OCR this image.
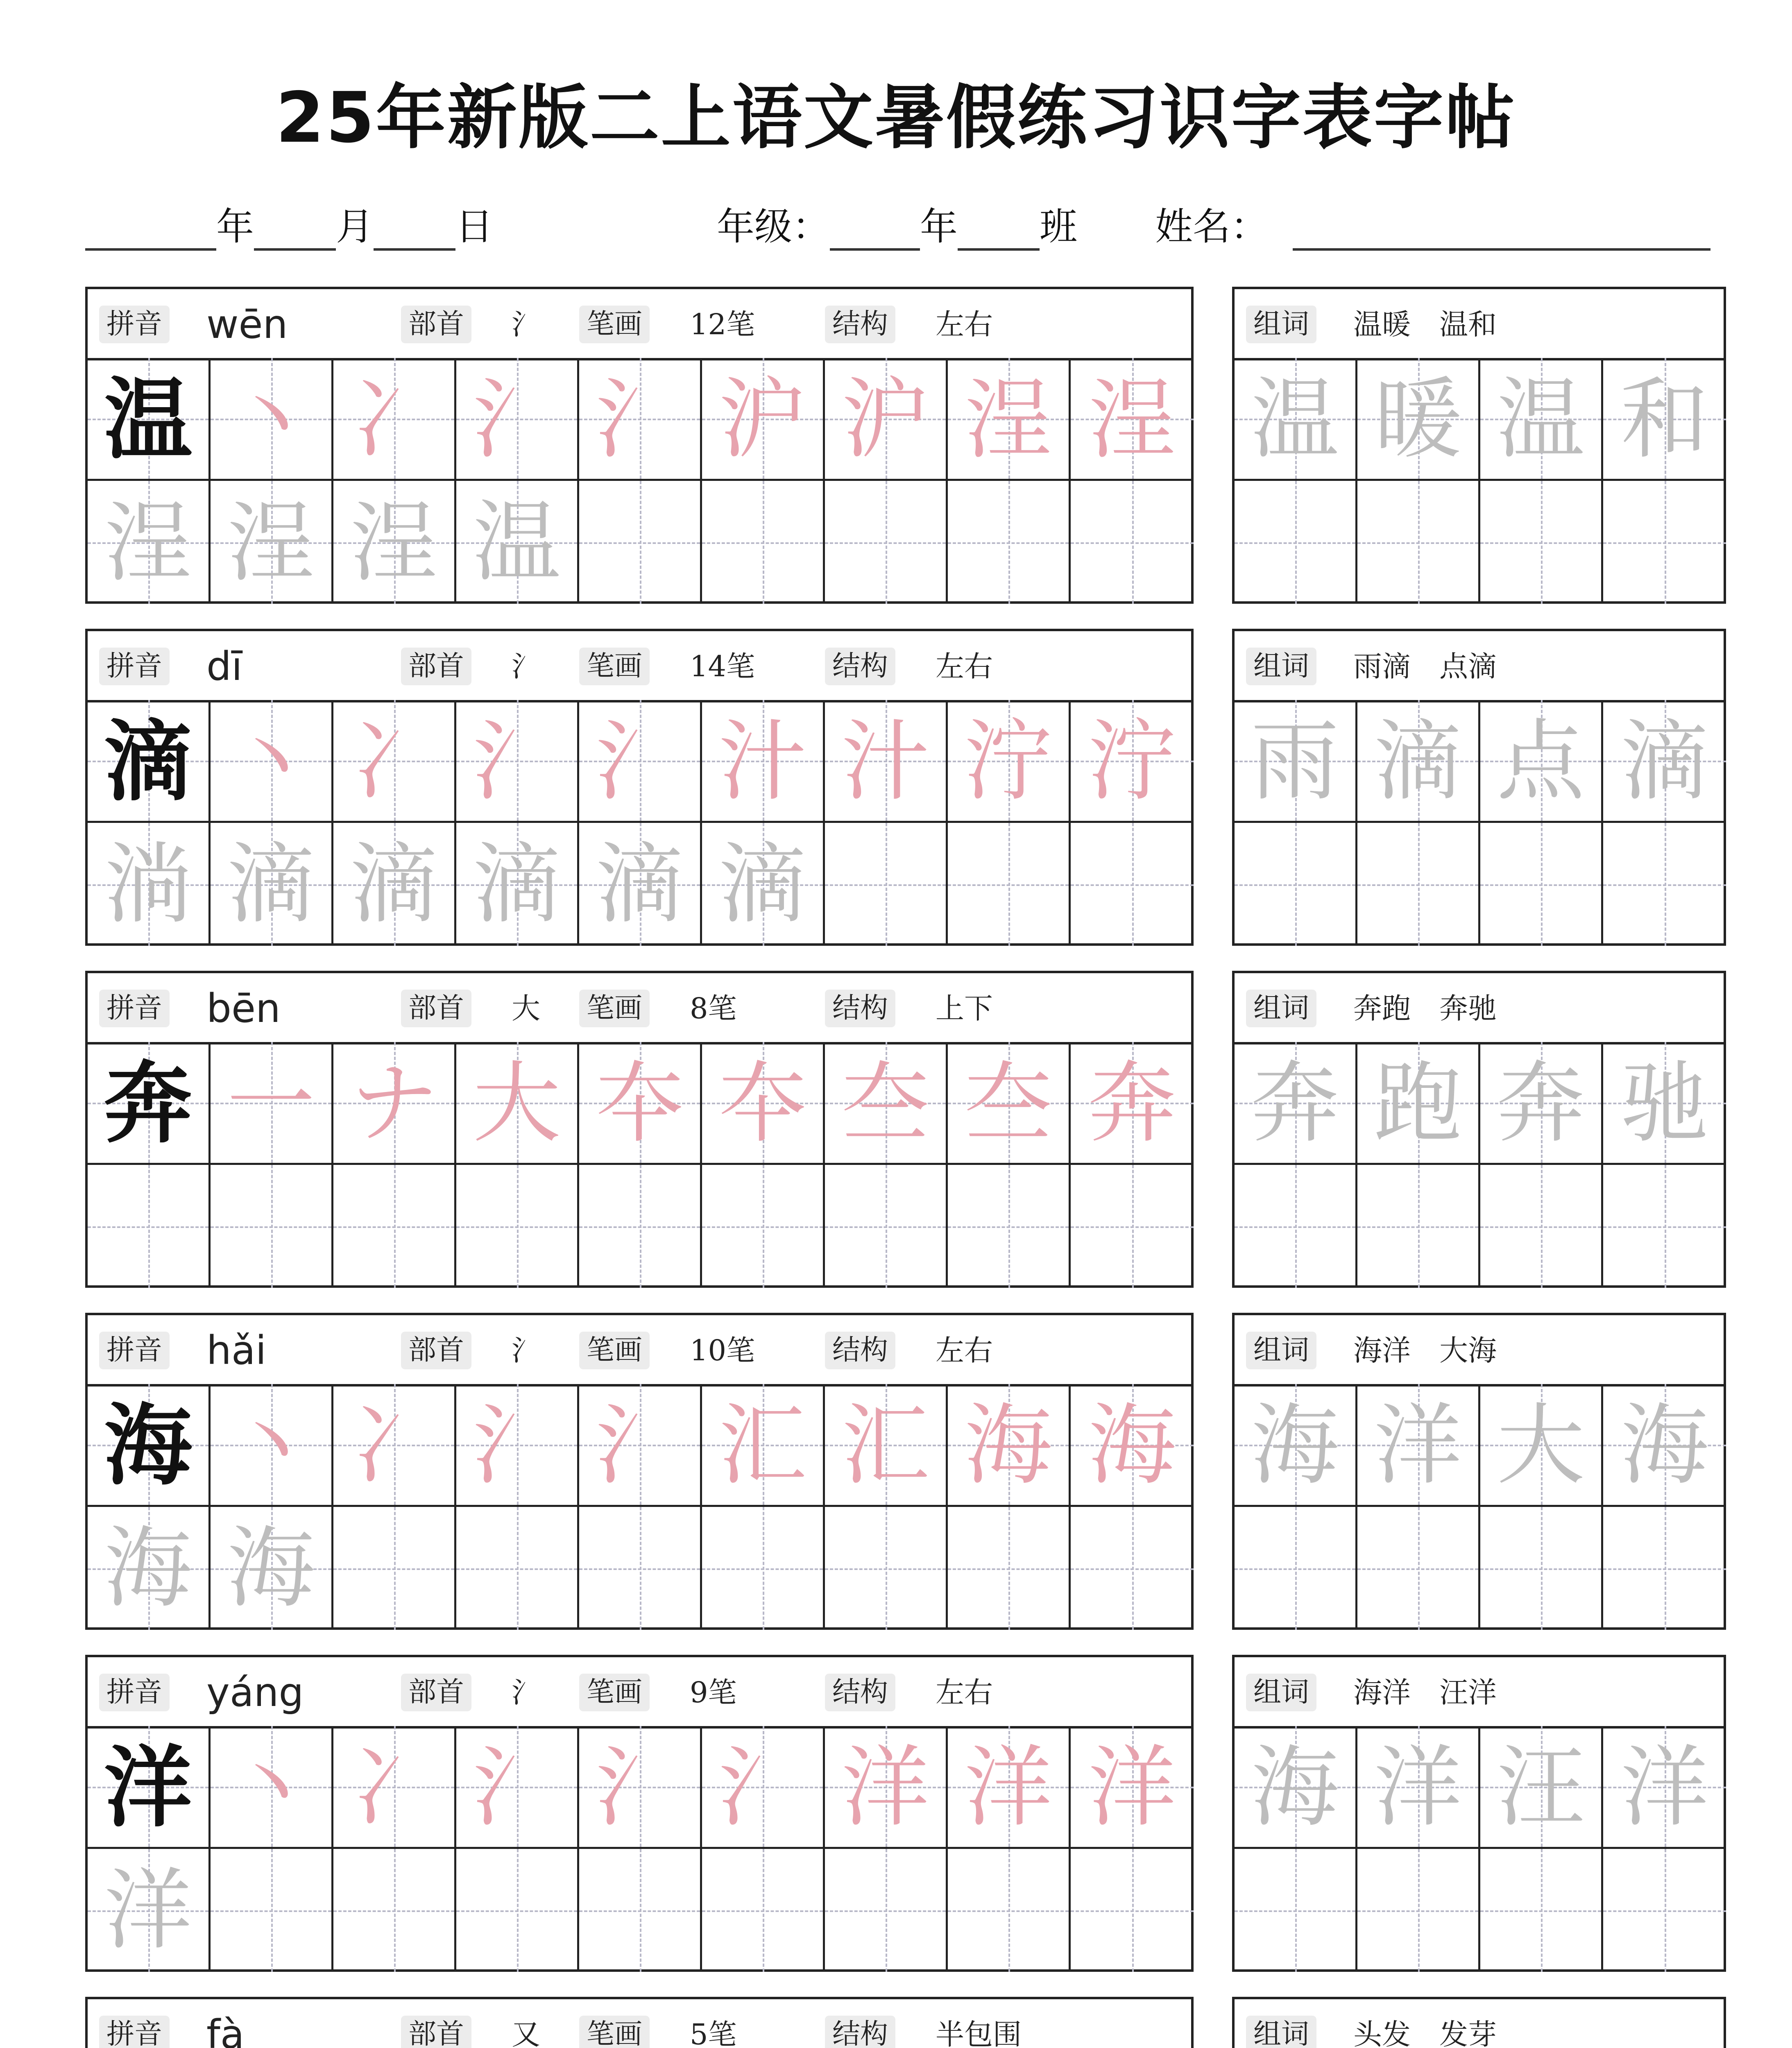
25年新版二上语文暑假练习识字表字帖
年 月 日	年级： 年 班 姓名：
拼音 wēn	部首 氵 笔画 12笔	结构 左右
温 丶 冫 氵 氵 沪 沪 浧 浧
浧 浧 浧 温
组词 温暖　温和
温 暖 温 和
拼音 dī	部首 氵 笔画 14笔	结构 左右
滴 丶 冫 氵 氵 汁 汁 泞 泞
淌 滴 滴 滴 滴 滴
组词 雨滴　点滴
雨 滴 点 滴
拼音 bēn	部首 大 笔画 8笔	结构 上下
奔 一 ナ 大 夲 夲 夳 夳 奔
组词 奔跑　奔驰
奔 跑 奔 驰
拼音 hǎi	部首 氵 笔画 10笔	结构 左右
海 丶 冫 氵 氵 汇 汇 海 海
海 海
组词 海洋　大海
海 洋 大 海
拼音 yáng	部首 氵 笔画 9笔	结构 左右
洋 丶 冫 氵 氵 氵 洋 洋 洋
洋
组词 海洋　汪洋
海 洋 汪 洋
拼音 fà	部首 又 笔画 5笔	结构 半包围	组词 头发　发芽
